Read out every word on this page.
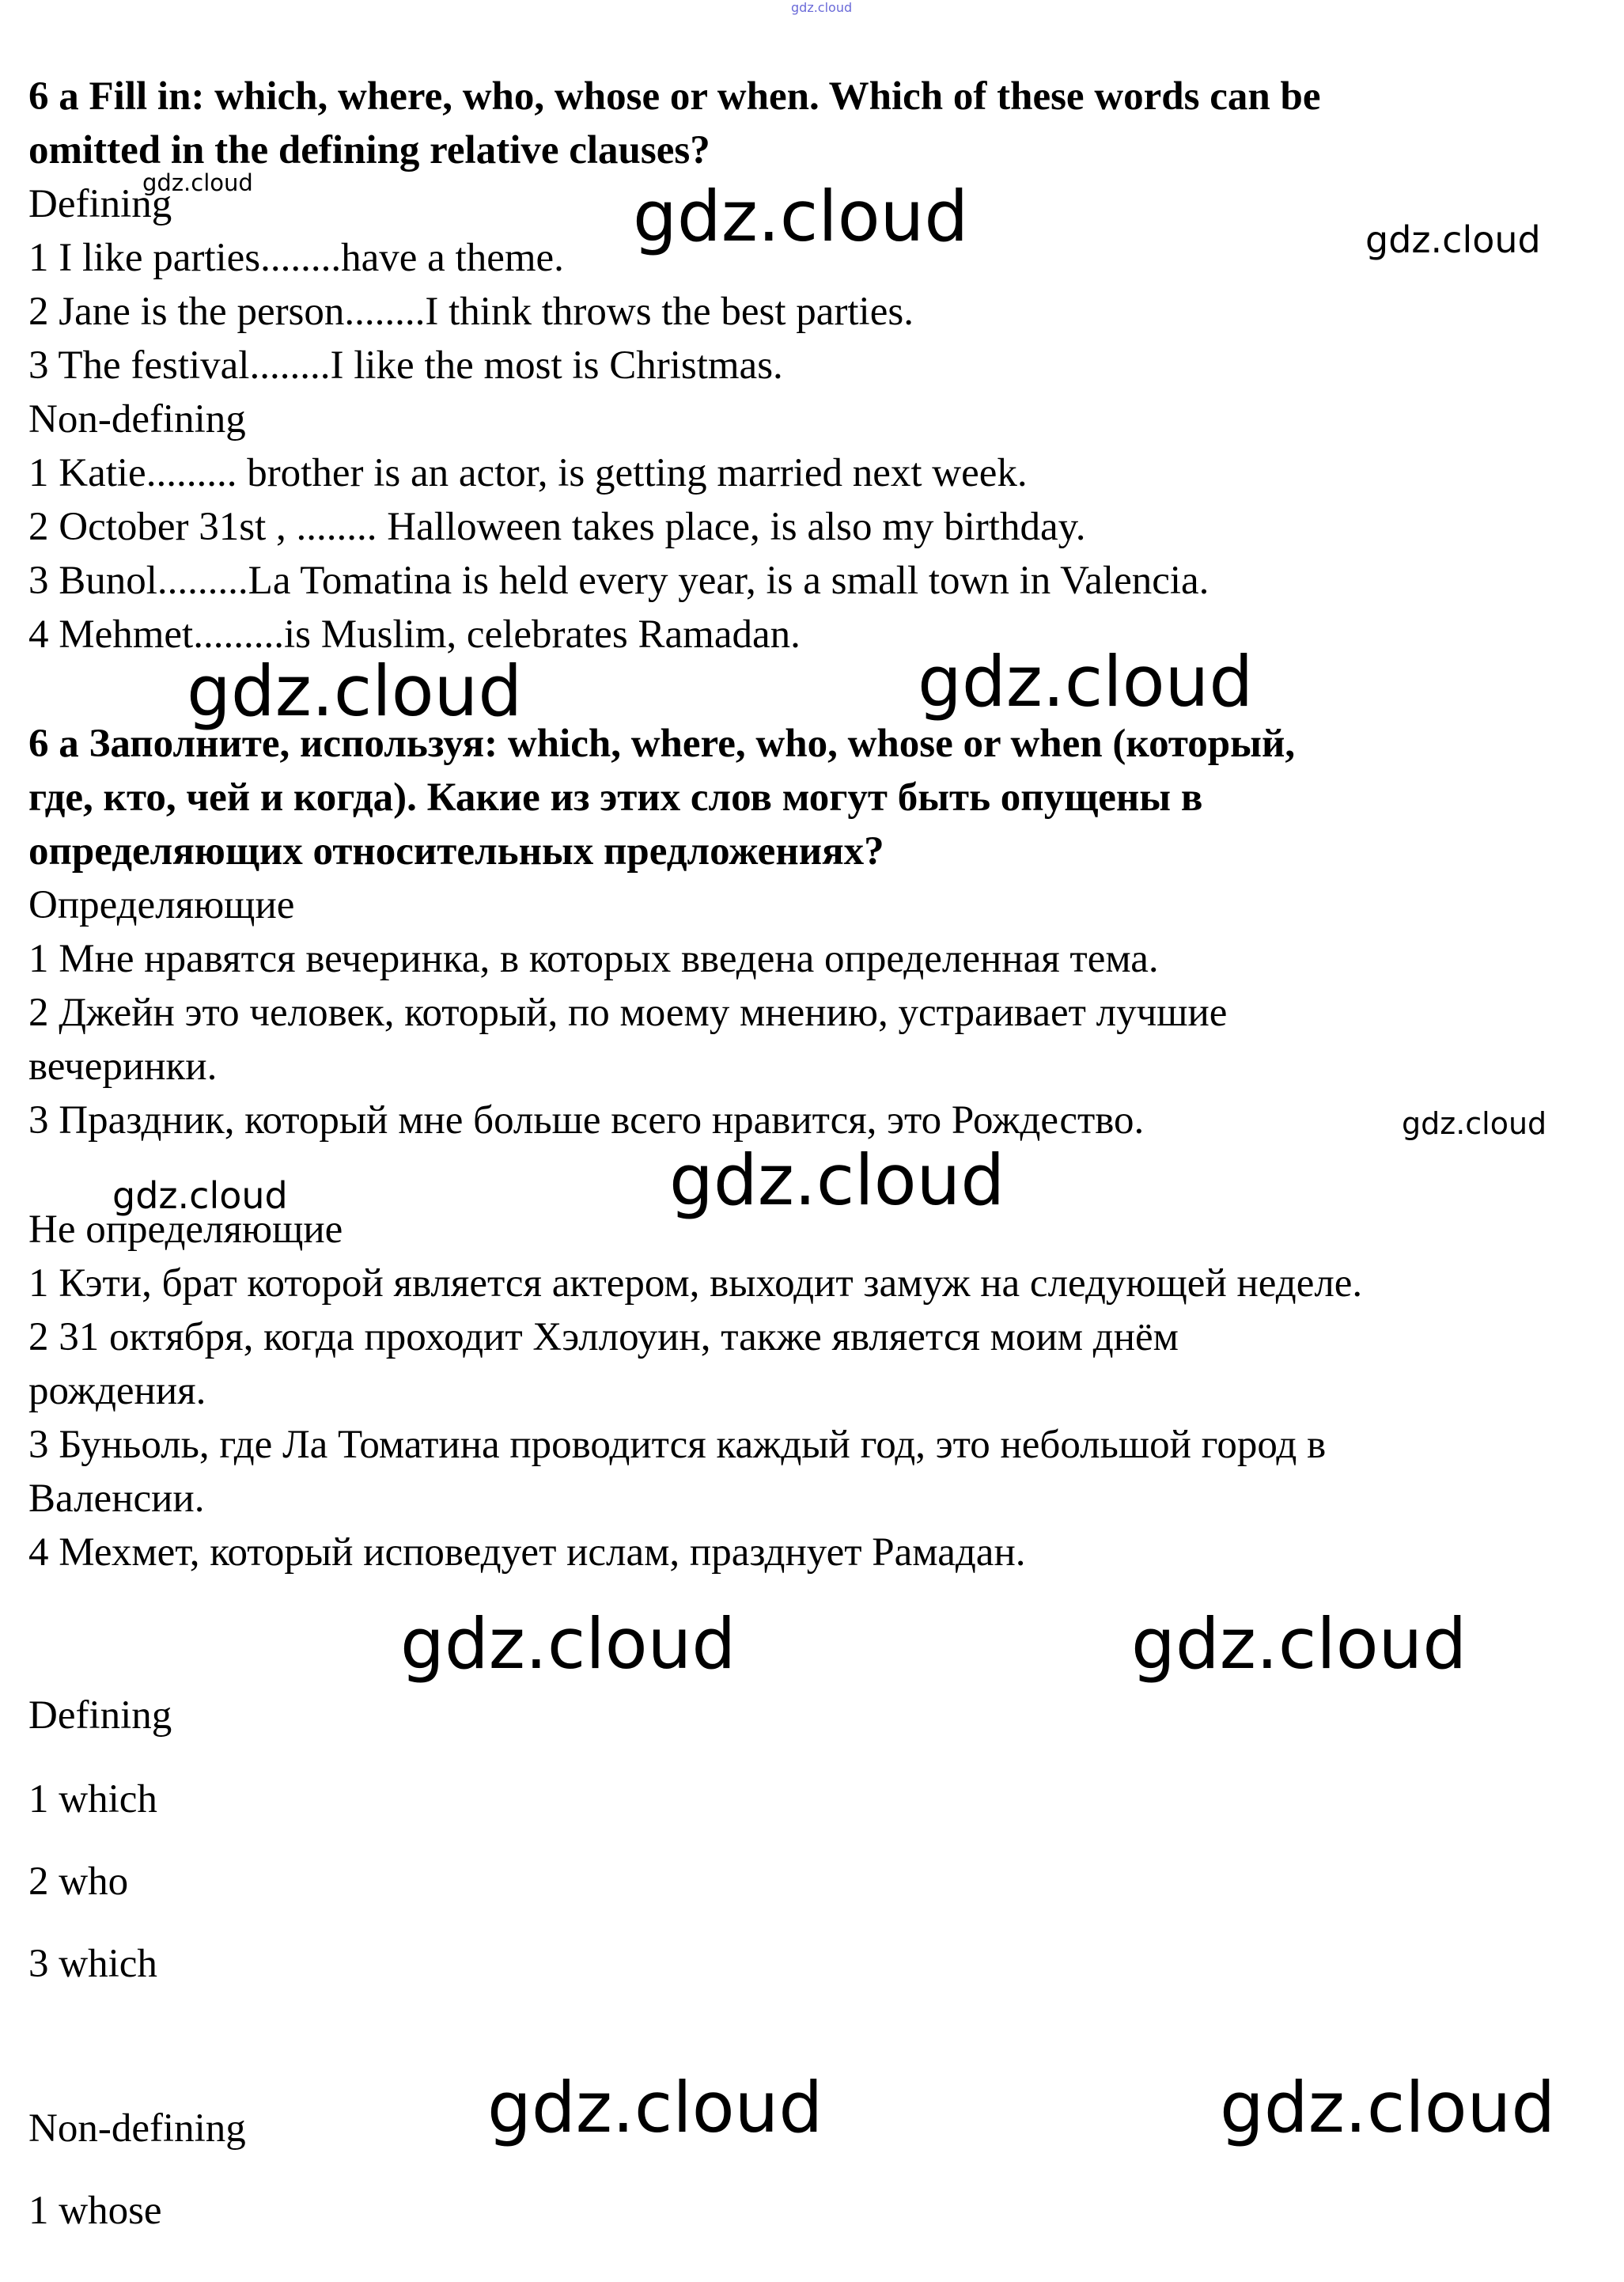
gdz.cloud
6 a Fill in: which, where, who, whose or when. Which of these words can be
omitted in the defining relative clauses?
Defining
1 I like parties........have a theme.
2 Jane is the person........I think throws the best parties.
3 The festival........I like the most is Christmas.
Non-defining
1 Katie......... brother is an actor, is getting married next week.
2 October 31st , ........ Halloween takes place, is also my birthday.
3 Bunol.........La Tomatina is held every year, is a small town in Valencia.
4 Mehmet.........is Muslim, celebrates Ramadan.
6 a Заполните, используя: which, where, who, whose or when (который,
где, кто, чей и когда). Какие из этих слов могут быть опущены в
определяющих относительных предложениях?
Определяющие
1 Мне нравятся вечеринка, в которых введена определенная тема.
2 Джейн это человек, который, по моему мнению, устраивает лучшие
вечеринки.
3 Праздник, который мне больше всего нравится, это Рождество.
Не определяющие
1 Кэти, брат которой является актером, выходит замуж на следующей неделе.
2 31 октября, когда проходит Хэллоуин, также является моим днём
рождения.
3 Буньоль, где Ла Томатина проводится каждый год, это небольшой город в
Валенсии.
4 Мехмет, который исповедует ислам, празднует Рамадан.
Defining
1 which
2 who
3 which
Non-defining
1 whose
gdz.cloud	gdz.cloud	gdz.cloud
gdz.cloud	gdz.cloud
gdz.cloud
gdz.cloud	gdz.cloud
gdz.cloud	gdz.cloud
gdz.cloud	gdz.cloud
